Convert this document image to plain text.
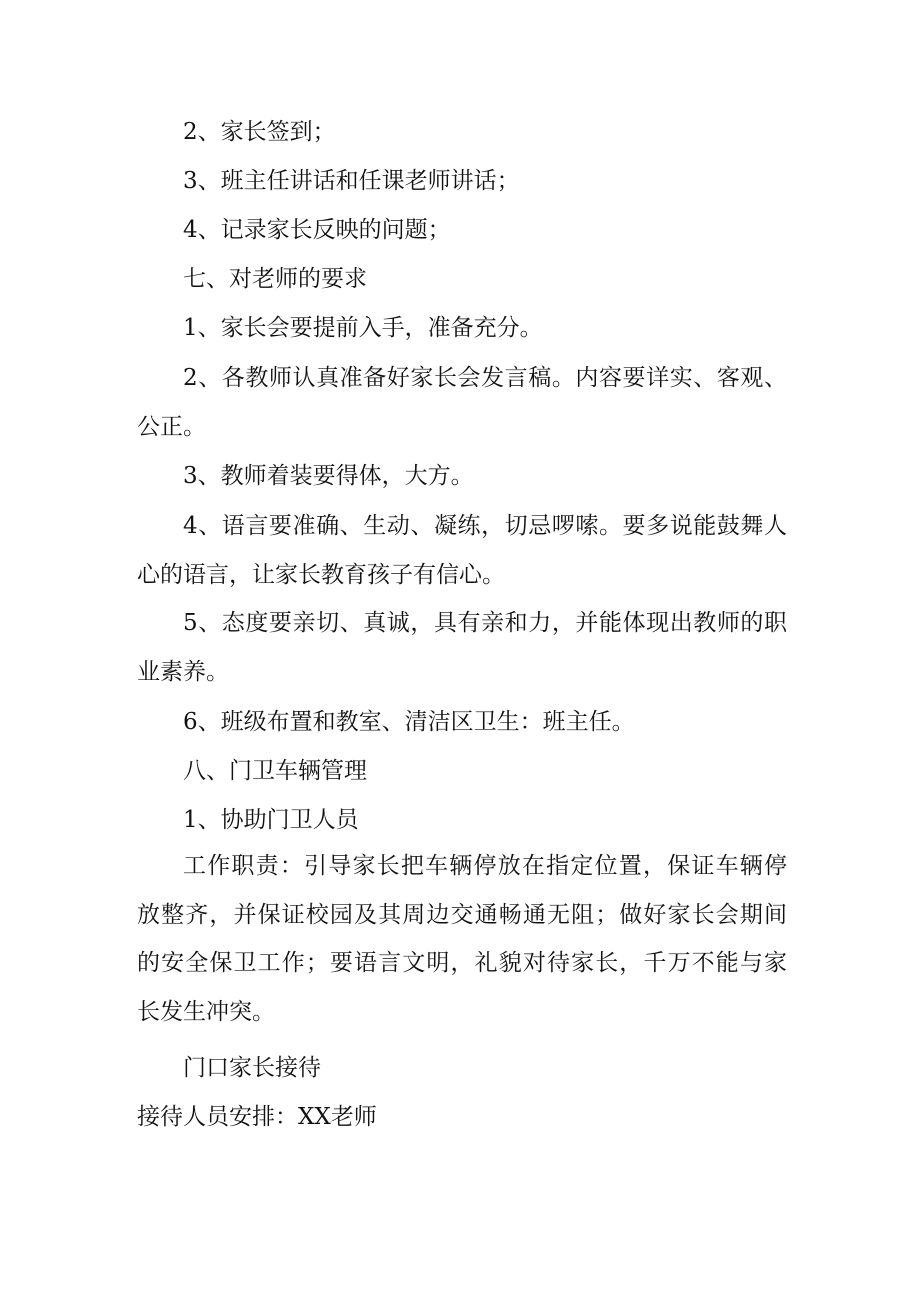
2、家长签到；
3、班主任讲话和任课老师讲话；
4、记录家长反映的问题；
七、对老师的要求
1、家长会要提前入手，准备充分。
2、各教师认真准备好家长会发言稿。内容要详实、客观、公正。
3、教师着装要得体，大方。
4、语言要准确、生动、凝练，切忌啰嗦。要多说能鼓舞人心的语言，让家长教育孩子有信心。
5、态度要亲切、真诚，具有亲和力，并能体现出教师的职业素养。
6、班级布置和教室、清洁区卫生：班主任。
八、门卫车辆管理
1、协助门卫人员
工作职责：引导家长把车辆停放在指定位置，保证车辆停 放整齐，并保证校园及其周边交通畅通无阻；做好家长会期间 的安全保卫工作；要语言文明，礼貌对待家长，千万不能与家 长发生冲突。
门口家长接待
接待人员安排：XX老师
